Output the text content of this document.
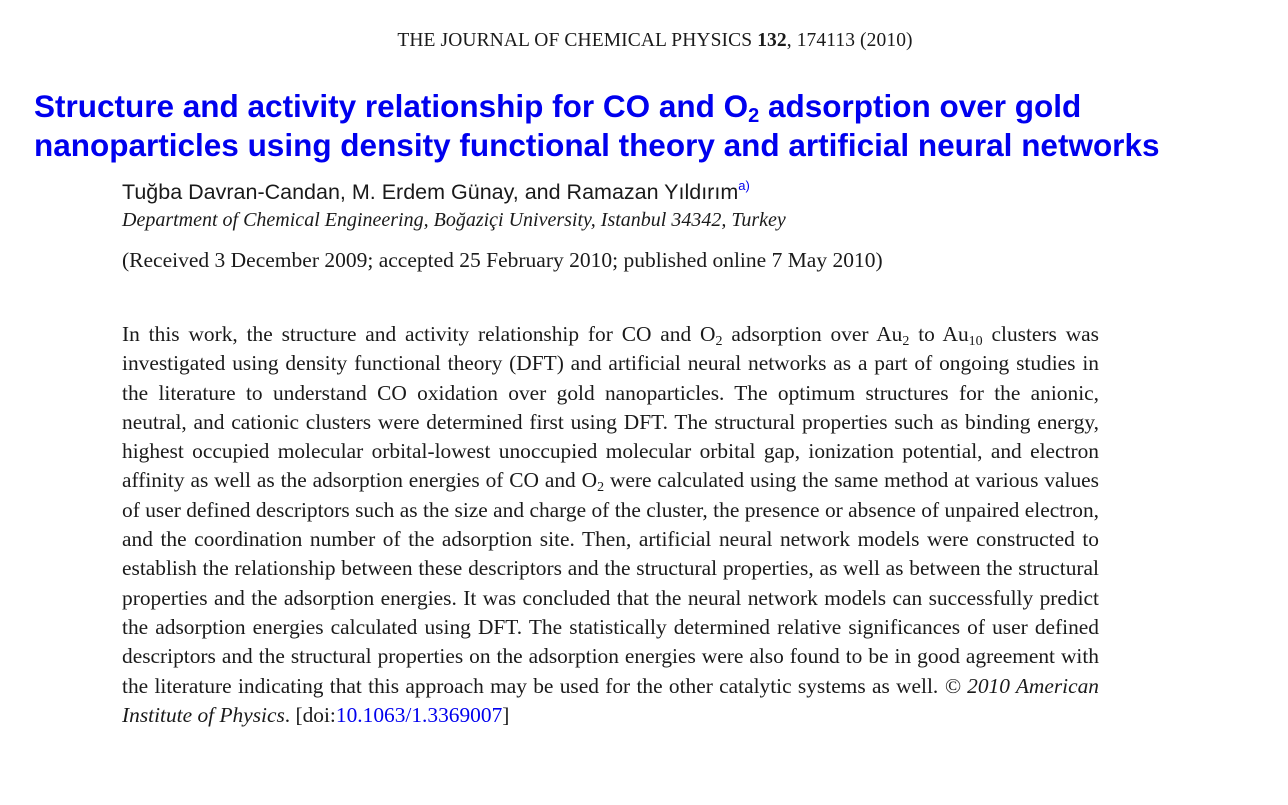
THE JOURNAL OF CHEMICAL PHYSICS 132, 174113 (2010)
Structure and activity relationship for CO and $O_2$ adsorption over gold
nanoparticles using density functional theory and artificial neural networks
Tuğba Davran-Candan, M. Erdem Günay, and Ramazan Yıldırım$^{a)}$
Department of Chemical Engineering, Boğaziçi University, Istanbul 34342, Turkey
(Received 3 December 2009; accepted 25 February 2010; published online 7 May 2010)

In this work, the structure and activity relationship for CO and $O_2$ adsorption over $Au_2$ to $Au_{10}$ clusters was investigated using density functional theory (DFT) and artificial neural networks as a part of ongoing studies in the literature to understand CO oxidation over gold nanoparticles. The optimum structures for the anionic, neutral, and cationic clusters were determined first using DFT. The structural properties such as binding energy, highest occupied molecular orbital-lowest unoccupied molecular orbital gap, ionization potential, and electron affinity as well as the adsorption energies of CO and $O_2$ were calculated using the same method at various values of user defined descriptors such as the size and charge of the cluster, the presence or absence of unpaired electron, and the coordination number of the adsorption site. Then, artificial neural network models were constructed to establish the relationship between these descriptors and the structural properties, as well as between the structural properties and the adsorption energies. It was concluded that the neural network models can successfully predict the adsorption energies calculated using DFT. The statistically determined relative significances of user defined descriptors and the structural properties on the adsorption energies were also found to be in good agreement with the literature indicating that this approach may be used for the other catalytic systems as well. © 2010 American Institute of Physics. [doi:10.1063/1.3369007]
